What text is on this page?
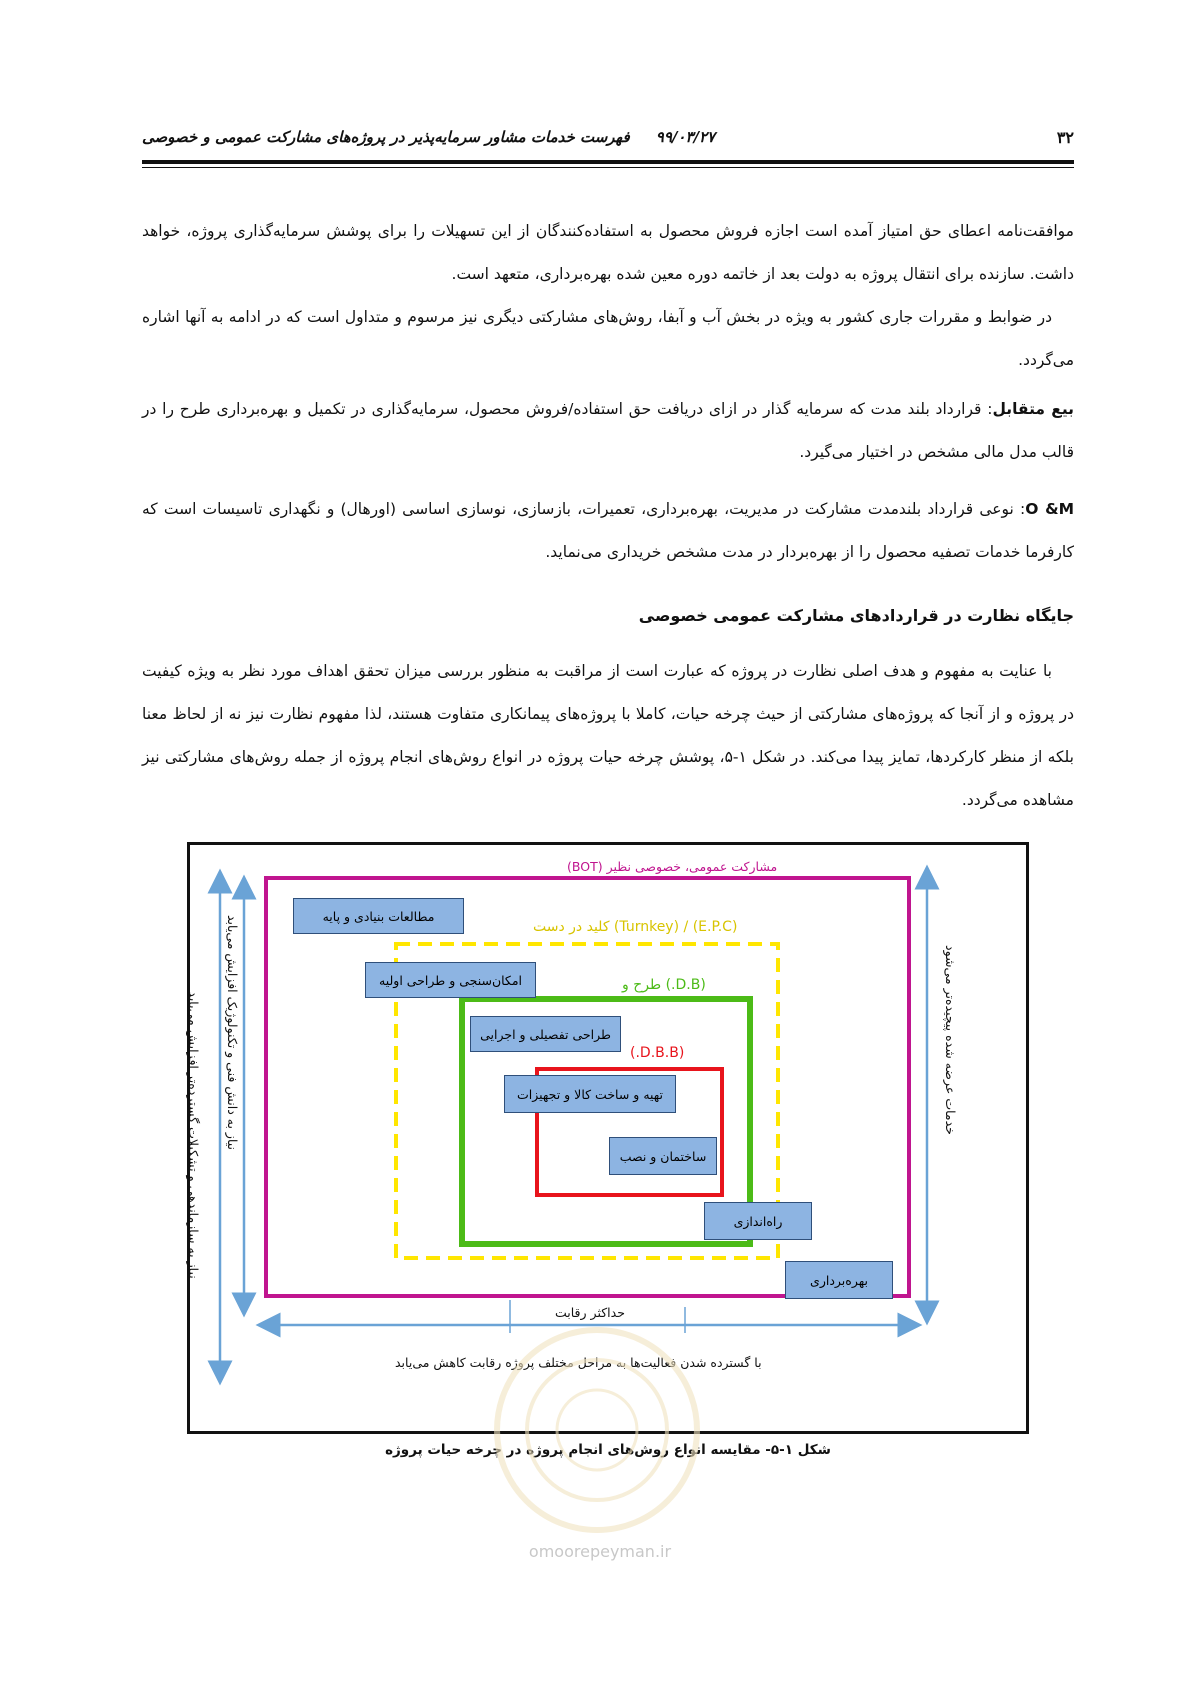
۳۲
۹۹/۰۳/۲۷     فهرست خدمات مشاور سرمایه‌پذیر در پروژه‌های مشارکت عمومی و خصوصی
موافقت‌نامه اعطای حق امتیاز آمده است اجازه فروش محصول به استفاده‌کنندگان از این تسهیلات را برای پوشش سرمایه‌گذاری پروژه، خواهد داشت. سازنده برای انتقال پروژه به دولت بعد از خاتمه دوره معین شده بهره‌برداری، متعهد است.
در ضوابط و مقررات جاری کشور به ویژه در بخش آب و آبفا، روش‌های مشارکتی دیگری نیز مرسوم و متداول است که در ادامه به آنها اشاره می‌گردد.
بیع متقابل: قرارداد بلند مدت که سرمایه گذار در ازای دریافت حق استفاده/فروش محصول، سرمایه‌گذاری در تکمیل و بهره‌برداری طرح را در قالب مدل مالی مشخص در اختیار می‌گیرد.
O &M: نوعی قرارداد بلندمدت مشارکت در مدیریت، بهره‌برداری، تعمیرات، بازسازی، نوسازی اساسی (اورهال) و نگهداری تاسیسات است که کارفرما خدمات تصفیه محصول را از بهره‌بردار در مدت مشخص خریداری می‌نماید.
جایگاه نظارت در قراردادهای مشارکت عمومی خصوصی
با عنایت به مفهوم و هدف اصلی نظارت در پروژه که عبارت است از مراقبت به منظور بررسی میزان تحقق اهداف مورد نظر به ویژه کیفیت در پروژه و از آنجا که پروژه‌های مشارکتی از حیث چرخه حیات، کاملا با پروژه‌های پیمانکاری متفاوت هستند، لذا مفهوم نظارت نیز نه از لحاظ معنا بلکه از منظر کارکردها، تمایز پیدا می‌کند. در شکل ۱-۵، پوشش چرخه حیات پروژه در انواع روش‌های انجام پروژه از جمله روش‌های مشارکتی نیز مشاهده می‌گردد.
مشارکت عمومی، خصوصی نظیر (BOT)
(E.P.C) / (Turnkey) کلید در دست
(D.B.) طرح و
(D.B.B.)
مطالعات بنیادی و پایه
امکان‌سنجی و طراحی اولیه
طراحی تفصیلی و اجرایی
تهیه و ساخت کالا و تجهیزات
ساختمان و نصب
راه‌اندازی
بهره‌برداری
نیاز به سازماندهی و تشکیلات گسترده‌تر افزایش می‌یابد نیاز به دانش فنی و تکنولوژیک افزایش می‌یابد	خدمات عرضه شده پیچیده‌تر می‌شود
حداکثر رقابت
با گسترده شدن فعالیت‌ها به مراحل مختلف پروژه رقابت کاهش می‌یابد
شکل ۱-۵- مقایسه انواع روش‌های انجام پروژه در چرخه حیات پروژه
omoorepeyman.ir
